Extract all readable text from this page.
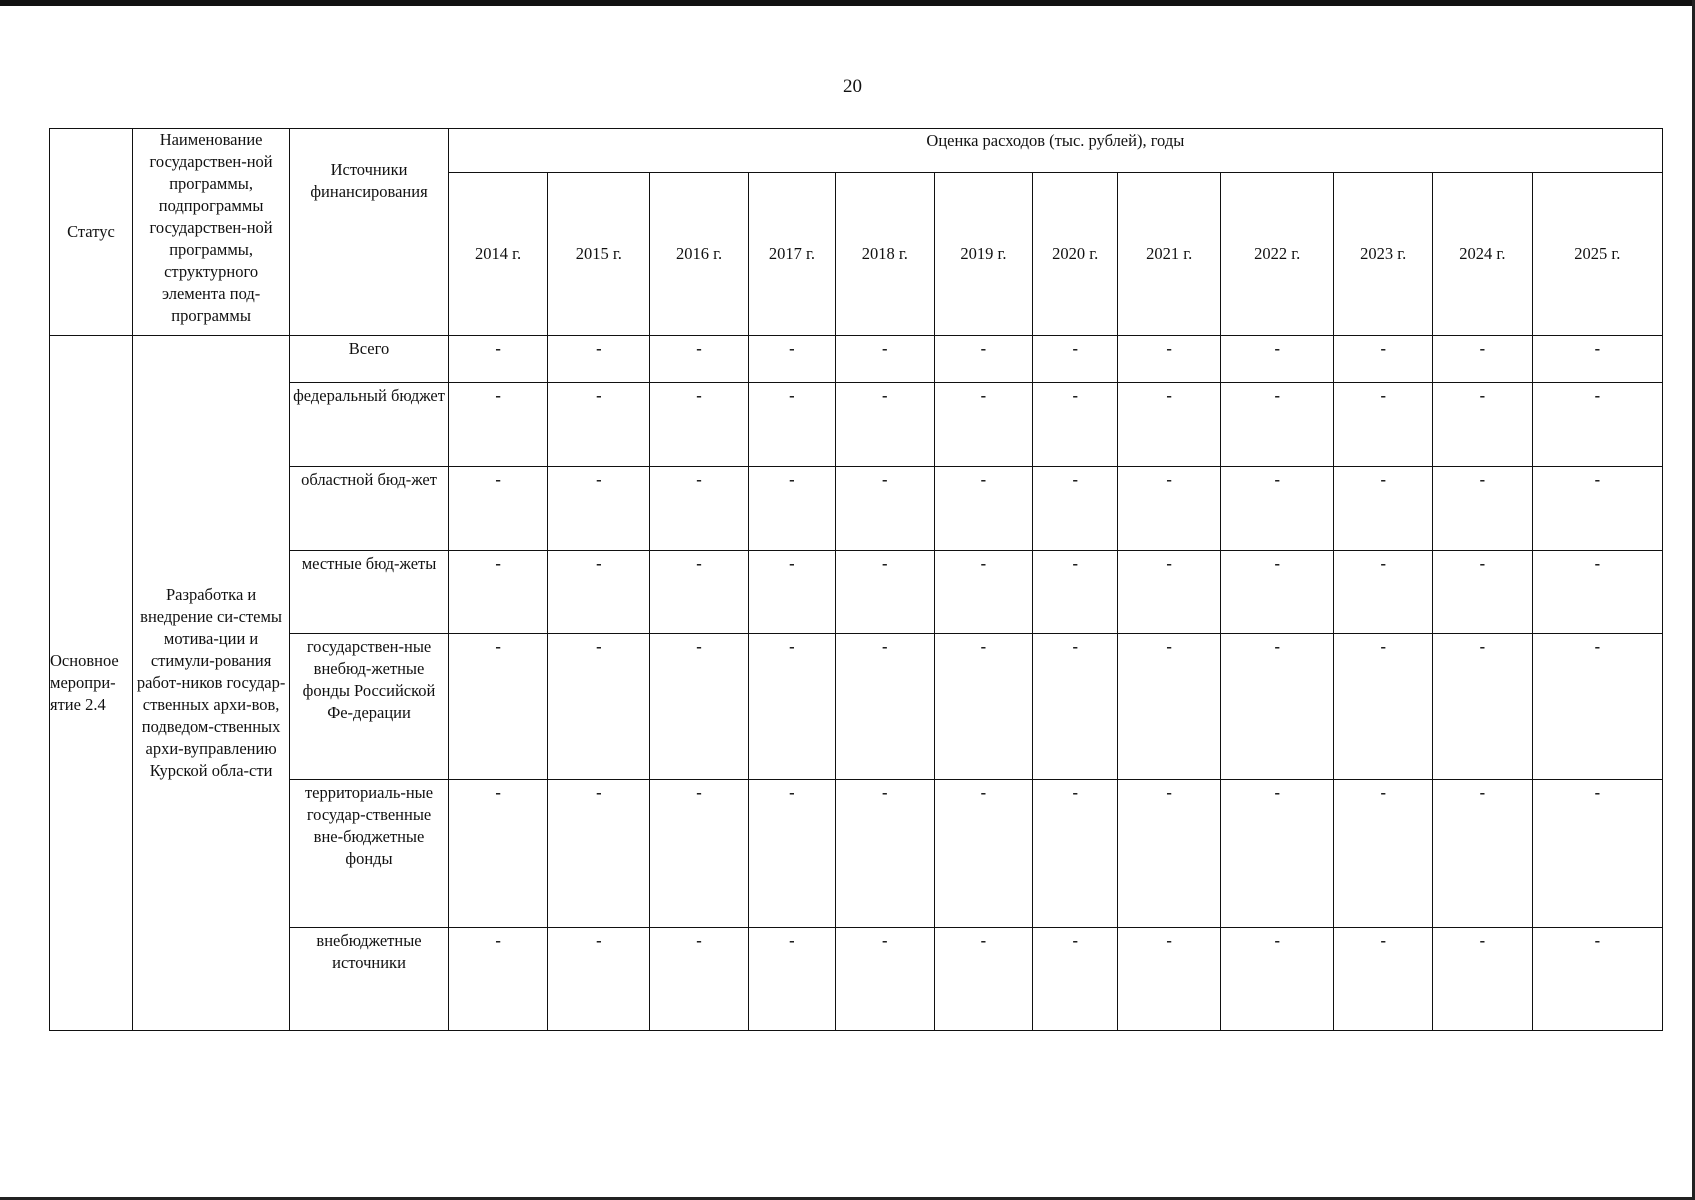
20
Статус	Наименование государствен-ной программы, подпрограммы государствен-ной программы, структурного элемента под-программы	Источники финансирования	Оценка расходов (тыс. рублей), годы											
			2014 г.	2015 г.	2016 г.	2017 г.	2018 г.	2019 г.	2020 г.	2021 г.	2022 г.	2023 г.	2024 г.	2025 г.
Основное меропри-ятие 2.4	Разработка и внедрение си-стемы мотива-ции и стимули-рования работ-ников государ-ственных архи-вов, подведом-ственных архи-вуправлению Курской обла-сти	Всего	-	-	-	-	-	-	-	-	-	-	-	-
		федеральный бюджет	-	-	-	-	-	-	-	-	-	-	-	-
		областной бюд-жет	-	-	-	-	-	-	-	-	-	-	-	-
		местные бюд-жеты	-	-	-	-	-	-	-	-	-	-	-	-
		государствен-ные внебюд-жетные фонды Российской Фе-дерации	-	-	-	-	-	-	-	-	-	-	-	-
		территориаль-ные государ-ственные вне-бюджетные фонды	-	-	-	-	-	-	-	-	-	-	-	-
		внебюджетные источники	-	-	-	-	-	-	-	-	-	-	-	-
